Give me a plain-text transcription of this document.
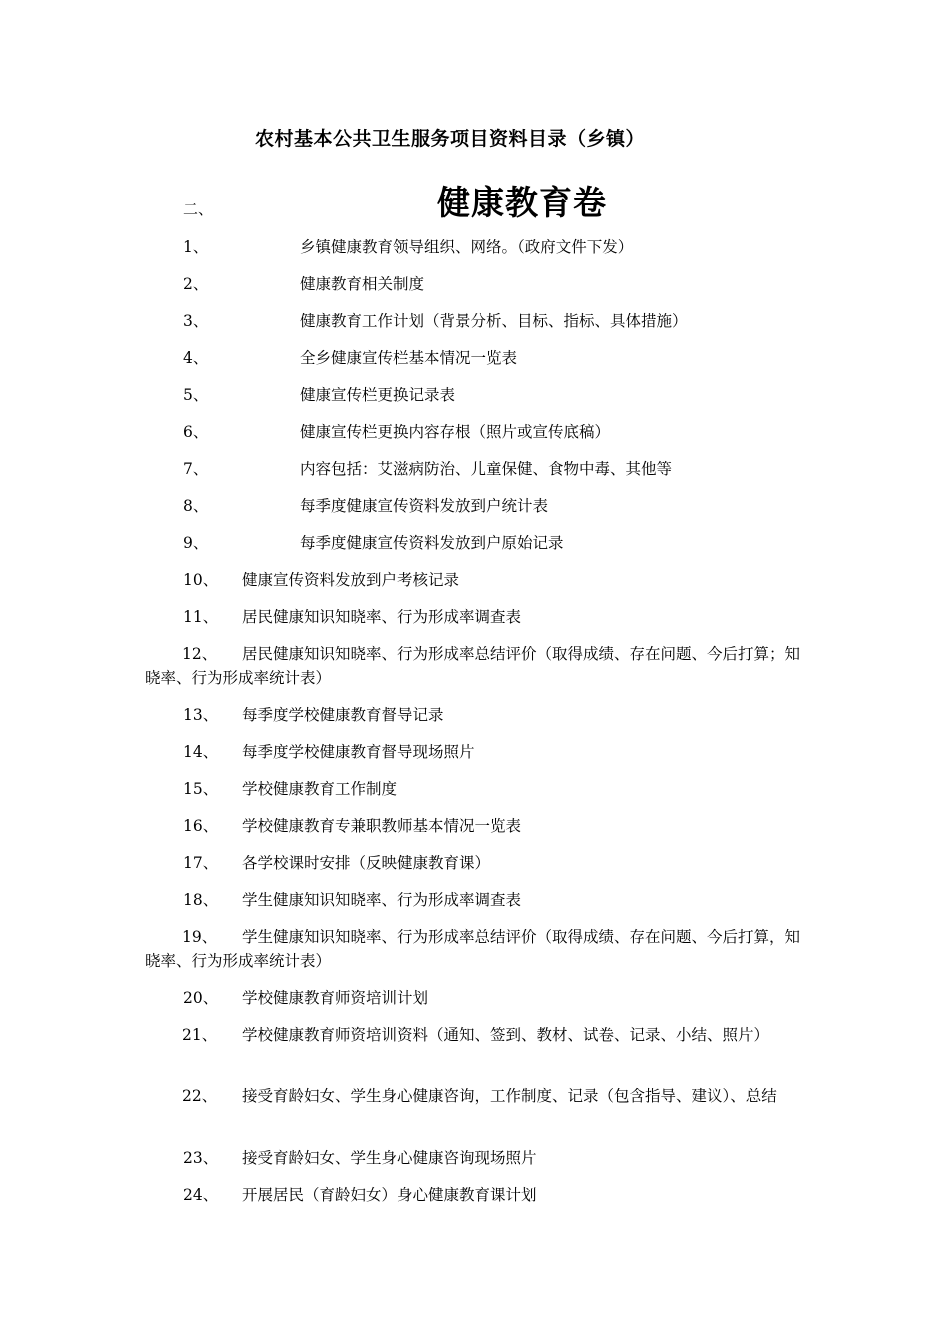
农村基本公共卫生服务项目资料目录（乡镇）
二、	健康教育卷
1、	乡镇健康教育领导组织、网络。（政府文件下发）
2、	健康教育相关制度
3、	健康教育工作计划（背景分析、目标、指标、具体措施）
4、	全乡健康宣传栏基本情况一览表
5、	健康宣传栏更换记录表
6、	健康宣传栏更换内容存根（照片或宣传底稿）
7、	内容包括：艾滋病防治、儿童保健、食物中毒、其他等
8、	每季度健康宣传资料发放到户统计表
9、	每季度健康宣传资料发放到户原始记录
10、 健康宣传资料发放到户考核记录
11、 居民健康知识知晓率、行为形成率调查表
12、 居民健康知识知晓率、行为形成率总结评价（取得成绩、存在问题、今后打算；知晓率、行为形成率统计表）
13、 每季度学校健康教育督导记录
14、 每季度学校健康教育督导现场照片
15、 学校健康教育工作制度
16、 学校健康教育专兼职教师基本情况一览表
17、 各学校课时安排（反映健康教育课）
18、 学生健康知识知晓率、行为形成率调查表
19、 学生健康知识知晓率、行为形成率总结评价（取得成绩、存在问题、今后打算，知晓率、行为形成率统计表）
20、 学校健康教育师资培训计划
21、 学校健康教育师资培训资料（通知、签到、教材、试卷、记录、小结、照片）
22、 接受育龄妇女、学生身心健康咨询，工作制度、记录（包含指导、建议）、总结
23、 接受育龄妇女、学生身心健康咨询现场照片
24、 开展居民（育龄妇女）身心健康教育课计划
